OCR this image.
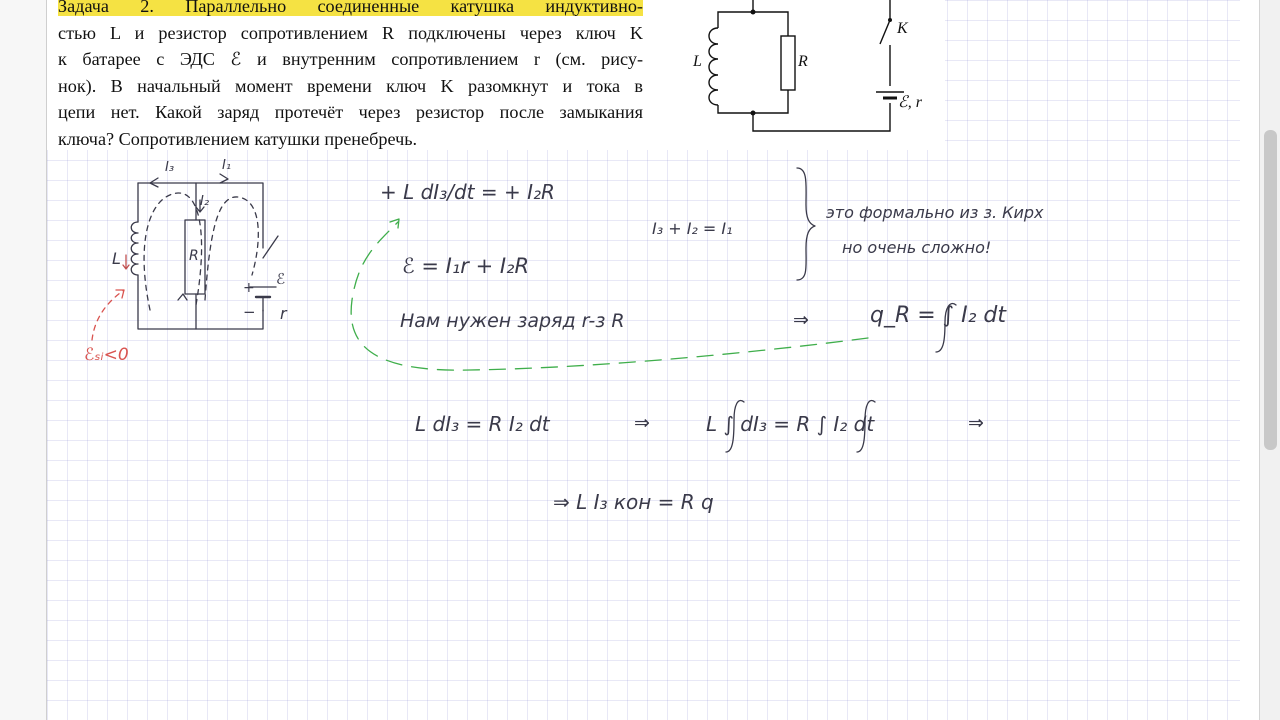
Задача 2. Параллельно соединенные катушка индуктивно-
стью L и резистор сопротивлением R подключены через ключ K
к батарее с ЭДС ℰ и внутренним сопротивлением r (см. рису-
нок). В начальный момент времени ключ K разомкнут и тока в
цепи нет. Какой заряд протечёт через резистор после замыкания
ключа? Сопротивлением катушки пренебречь.
L	R
K
ℰ, r
I₃	I₁
I₂
L	R
ℰ
+
− r
ℰₛᵢ<0
+ L dI₃/dt = + I₂R
ℰ = I₁r + I₂R
I₃ + I₂ = I₁
это формально из з. Кирх
но очень сложно!
Нам нужен заряд r-з R	⇒	q_R = ∫ I₂ dt
L dI₃ = R I₂ dt	⇒	L ∫ dI₃ = R ∫ I₂ dt	⇒
⇒ L I₃ кон = R q
